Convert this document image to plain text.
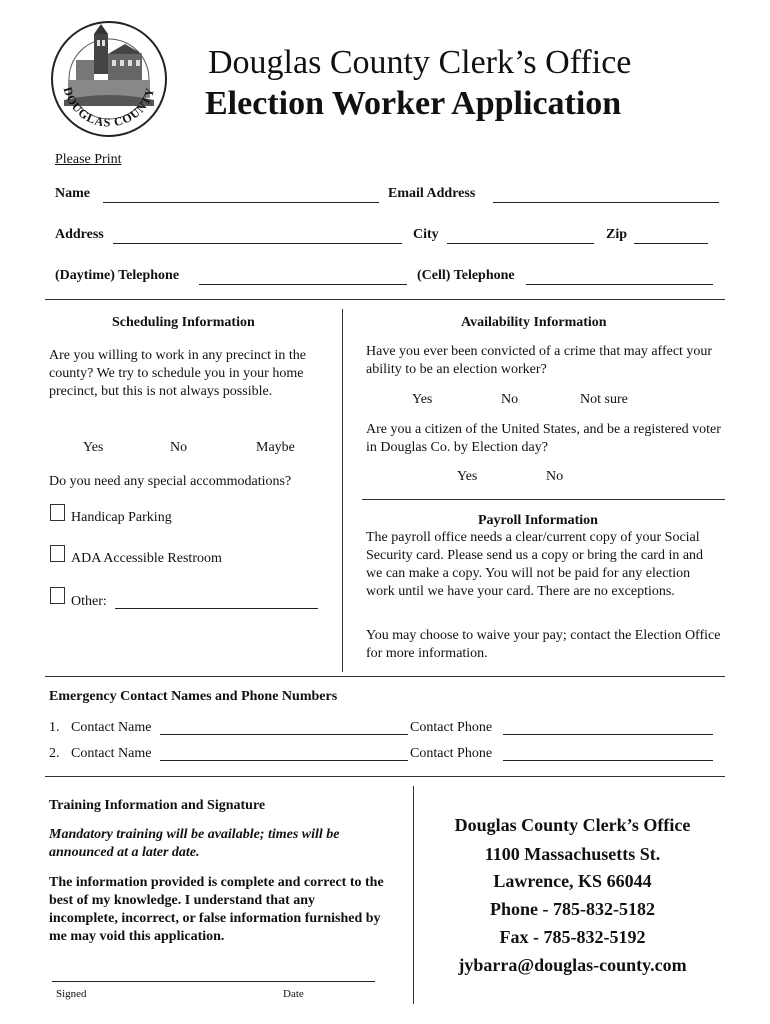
DOUGLAS COUNTY
Douglas County Clerk’s Office
Election Worker Application
Please Print
Name	Email Address
Address	City	Zip
(Daytime) Telephone	(Cell) Telephone
Scheduling Information
Are you willing to work in any precinct in the county? We try to schedule you in your home precinct, but this is not always possible.
Yes	No	Maybe
Do you need any special accommodations?
Handicap Parking
ADA Accessible Restroom
Other:
Availability Information
Have you ever been convicted of a crime that may affect your ability to be an election worker?
Yes	No	Not sure
Are you a citizen of the United States, and be a registered voter in Douglas Co. by Election day?
Yes	No
Payroll Information
The payroll office needs a clear/current copy of your Social Security card. Please send us a copy or bring the card in and we can make a copy. You will not be paid for any election work until we have your card. There are no exceptions.
You may choose to waive your pay; contact the Election Office for more information.
Emergency Contact Names and Phone Numbers
1. Contact Name	Contact Phone
2. Contact Name	Contact Phone
Training Information and Signature
Mandatory training will be available; times will be announced at a later date.
The information provided is complete and correct to the best of my knowledge. I understand that any incomplete, incorrect, or false information furnished by me may void this application.
Signed	Date
Douglas County Clerk’s Office
1100 Massachusetts St.
Lawrence, KS 66044
Phone - 785-832-5182
Fax - 785-832-5192
jybarra@douglas-county.com
